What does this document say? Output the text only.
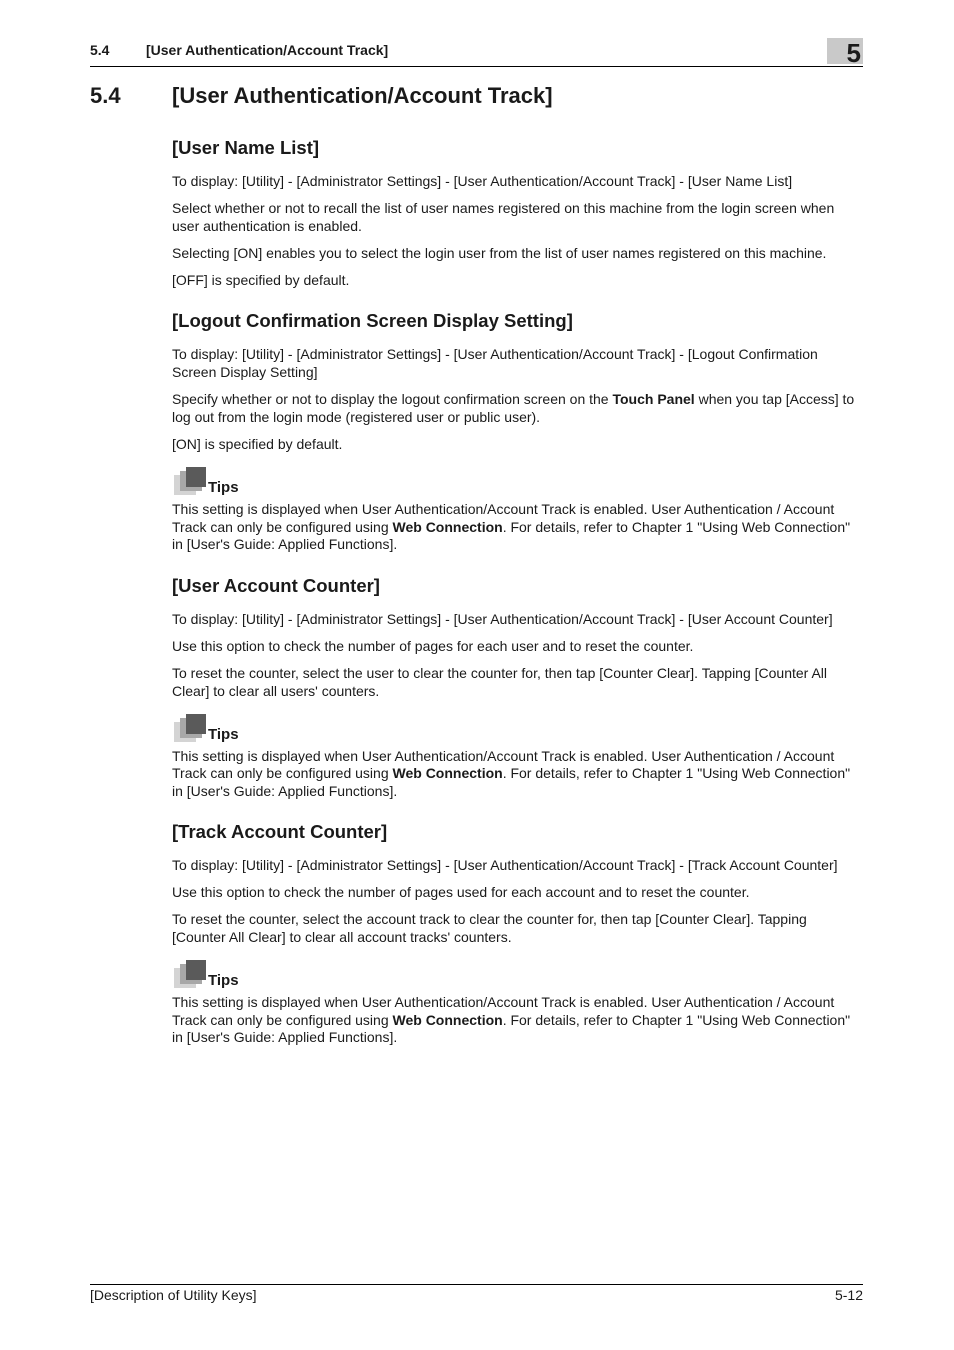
5.4	[User Authentication/Account Track]	5
5.4 [User Authentication/Account Track]
[User Name List]

To display: [Utility] - [Administrator Settings] - [User Authentication/Account Track] - [User Name List]

Select whether or not to recall the list of user names registered on this machine from the login screen when user authentication is enabled.

Selecting [ON] enables you to select the login user from the list of user names registered on this machine.

[OFF] is specified by default.

[Logout Confirmation Screen Display Setting]

To display: [Utility] - [Administrator Settings] - [User Authentication/Account Track] - [Logout Confirmation Screen Display Setting]

Specify whether or not to display the logout confirmation screen on the Touch Panel when you tap [Access] to log out from the login mode (registered user or public user).

[ON] is specified by default.

Tips

This setting is displayed when User Authentication/Account Track is enabled. User Authentication / Account Track can only be configured using Web Connection. For details, refer to Chapter 1 "Using Web Connection" in [User's Guide: Applied Functions].

[User Account Counter]

To display: [Utility] - [Administrator Settings] - [User Authentication/Account Track] - [User Account Counter]

Use this option to check the number of pages for each user and to reset the counter.

To reset the counter, select the user to clear the counter for, then tap [Counter Clear]. Tapping [Counter All Clear] to clear all users' counters.

Tips

This setting is displayed when User Authentication/Account Track is enabled. User Authentication / Account Track can only be configured using Web Connection. For details, refer to Chapter 1 "Using Web Connection" in [User's Guide: Applied Functions].

[Track Account Counter]

To display: [Utility] - [Administrator Settings] - [User Authentication/Account Track] - [Track Account Counter]

Use this option to check the number of pages used for each account and to reset the counter.

To reset the counter, select the account track to clear the counter for, then tap [Counter Clear]. Tapping [Counter All Clear] to clear all account tracks' counters.

Tips

This setting is displayed when User Authentication/Account Track is enabled. User Authentication / Account Track can only be configured using Web Connection. For details, refer to Chapter 1 "Using Web Connection" in [User's Guide: Applied Functions].

[Description of Utility Keys]	5-12
